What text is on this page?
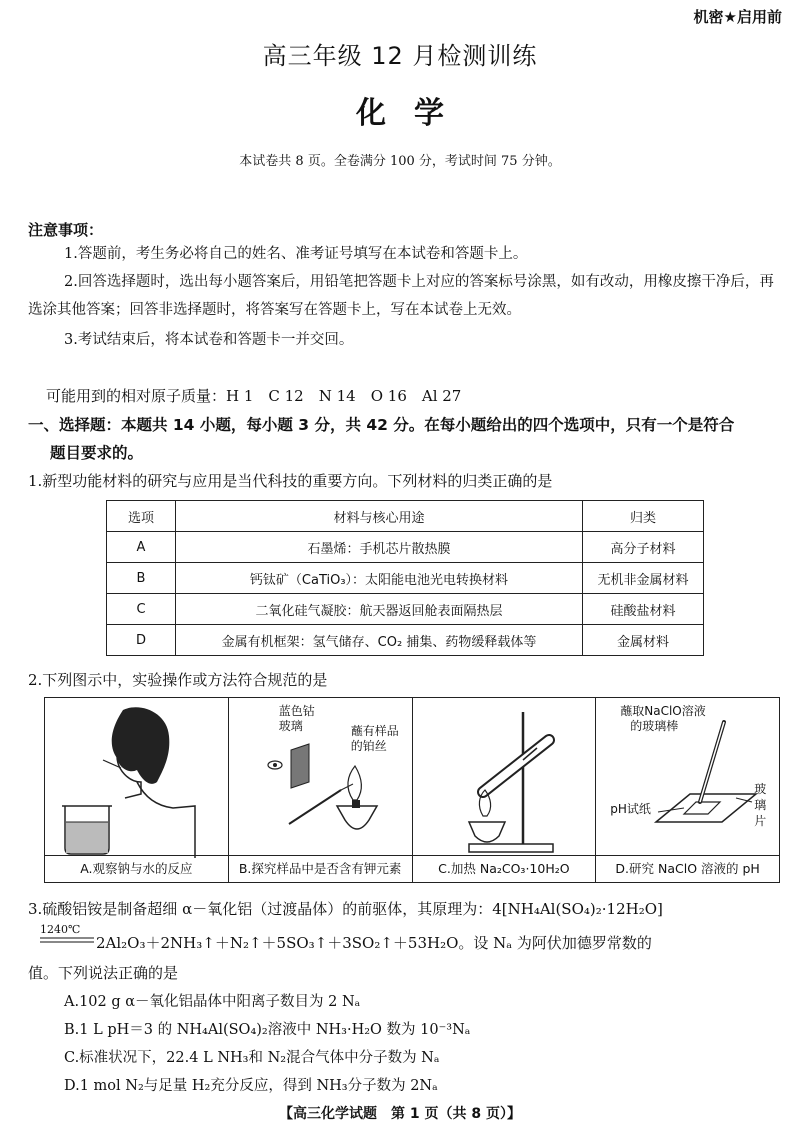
机密★启用前
高三年级 12 月检测训练
化学
本试卷共 8 页。全卷满分 100 分，考试时间 75 分钟。
注意事项：
1.答题前，考生务必将自己的姓名、准考证号填写在本试卷和答题卡上。
2.回答选择题时，选出每小题答案后，用铅笔把答题卡上对应的答案标号涂黑，如有改动，用橡皮擦干净后，再选涂其他答案；回答非选择题时，将答案写在答题卡上，写在本试卷上无效。
3.考试结束后，将本试卷和答题卡一并交回。
可能用到的相对原子质量：H 1　C 12　N 14　O 16　Al 27
一、选择题：本题共 14 小题，每小题 3 分，共 42 分。在每小题给出的四个选项中，只有一个是符合
题目要求的。
1.新型功能材料的研究与应用是当代科技的重要方向。下列材料的归类正确的是
选项	材料与核心用途	归类
A	石墨烯：手机芯片散热膜	高分子材料
B	钙钛矿（CaTiO₃）：太阳能电池光电转换材料	无机非金属材料
C	二氧化硅气凝胶：航天器返回舱表面隔热层	硅酸盐材料
D	金属有机框架：氢气储存、CO₂ 捕集、药物缓释载体等	金属材料
2.下列图示中，实验操作或方法符合规范的是
A.观察钠与水的反应
蓝色钴
玻璃	蘸有样品
的铂丝
B.探究样品中是否含有钾元素	C.加热 Na₂CO₃·10H₂O
蘸取NaClO溶液
的玻璃棒
玻
璃
片
pH试纸
D.研究 NaClO 溶液的 pH
3.硫酸铝铵是制备超细 α－氧化铝（过渡晶体）的前驱体，其原理为：4[NH₄Al(SO₄)₂·12H₂O]
1240℃
2Al₂O₃＋2NH₃↑＋N₂↑＋5SO₃↑＋3SO₂↑＋53H₂O。设 Nₐ 为阿伏加德罗常数的
值。下列说法正确的是
A.102 g α－氧化铝晶体中阳离子数目为 2 Nₐ
B.1 L pH＝3 的 NH₄Al(SO₄)₂溶液中 NH₃·H₂O 数为 10⁻³Nₐ
C.标准状况下，22.4 L NH₃和 N₂混合气体中分子数为 Nₐ
D.1 mol N₂与足量 H₂充分反应，得到 NH₃分子数为 2Nₐ
【高三化学试题　第 1 页（共 8 页）】
